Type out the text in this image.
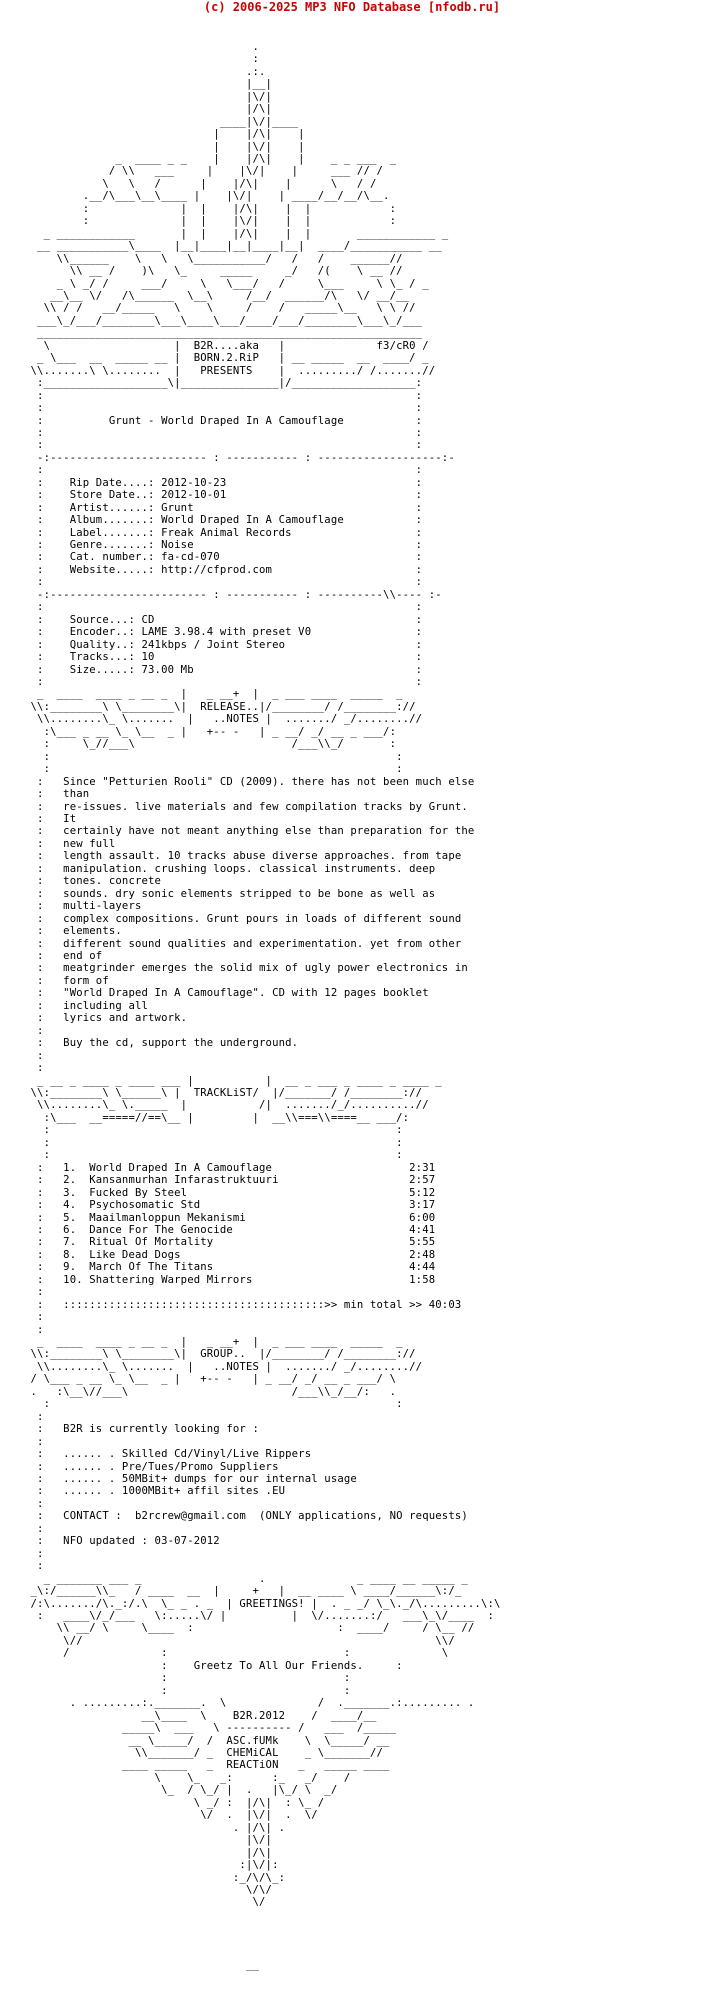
(c) 2006-2025 MP3 NFO Database [nfodb.ru]

.
:
.:.
|__|
|\/|
|/\|
____|\/|____
|    |/\|    |
|    |\/|    |
_  ____ _ _    |    |/\|    |    _ _ ___  _
/ \\   ___     |    |\/|    |     ___ // /
\   \   /      |    |/\|    |      \   / /
.__/\___\__\____ |    |\/|    | ____/__/__/\__.
:              |  |    |/\|    |  |            :
:              |  |    |\/|    |  |            :
_ ____________       |  |    |/\|    |  |       ____________ _
__ ___________\____  |__|____|__|____|__|  ____/___________ __
\\______    \   \   \___________/   /   /    ______//
\\ __ /    )\   \_     _____     _/   /(    \ __ //
_ \ _/ /     ___/     \   \___/   /     \___     \ \_ / _
__\__ \/   /\______  \__\     /__/  ______/\   \/ __/__
\\ / /   __/_____   \    \     /    /   _____\__   \ \ //
___\_/___/________\___\____\___/____/___/________\___\_/___
___________________________________________________________
\                   |  B2R....aka   |              f3/cR0 /
_ \___  __  _____ __ |  BORN.2.RiP   | __ _____  __  ____/ _
\\.......\ \........  |   PRESENTS    |  ........./ /.......//
:___________________\|_______________|/___________________:
:                                                         :
:                                                         :
:          Grunt - World Draped In A Camouflage           :
:                                                         :
:                                                         :
-:------------------------ : ----------- : -------------------:-
:                                                         :
:    Rip Date....: 2012-10-23                             :
:    Store Date..: 2012-10-01                             :
:    Artist......: Grunt                                  :
:    Album.......: World Draped In A Camouflage           :
:    Label.......: Freak Animal Records                   :
:    Genre.......: Noise                                  :
:    Cat. number.: fa-cd-070                              :
:    Website.....: http://cfprod.com                      :
:                                                         :
-:------------------------ : ----------- : ----------\\---- :-
:                                                         :
:    Source...: CD                                        :
:    Encoder..: LAME 3.98.4 with preset V0                :
:    Quality..: 241kbps / Joint Stereo                    :
:    Tracks...: 10                                        :
:    Size.....: 73.00 Mb                                  :
:                                                         :
_  ____  ____ _ __ _  |   _ __+  |  _ ___ ____  _____  _
\\:________\ \________\|  RELEASE..|/________/ /________://
\\........\_ \.......  |   ..NOTES |  ......./ _/........//
:\___ _ __ \_ \__  _ |   +-- -   | _ __/ _/ __ _ ___/:
:     \_//___\                        /___\\_/       :
:                                                     :
:                                                     :
:   Since "Petturien Rooli" CD (2009). there has not been much else
:   than
:   re-issues. live materials and few compilation tracks by Grunt.
:   It
:   certainly have not meant anything else than preparation for the
:   new full
:   length assault. 10 tracks abuse diverse approaches. from tape
:   manipulation. crushing loops. classical instruments. deep
:   tones. concrete
:   sounds. dry sonic elements stripped to be bone as well as
:   multi-layers
:   complex compositions. Grunt pours in loads of different sound
:   elements.
:   different sound qualities and experimentation. yet from other
:   end of
:   meatgrinder emerges the solid mix of ugly power electronics in
:   form of
:   "World Draped In A Camouflage". CD with 12 pages booklet
:   including all
:   lyrics and artwork.
:
:   Buy the cd, support the underground.
:
:
_ __ _ ____ _ ____ ___ |           |  __ _ ___ _ ____ _ ____ _
\\:________\ \______\ |  TRACKLiST/  |/_______/ /________://
\\........\_ \._____  |           /|  ......./_/..........//
:\___  __=====//==\__ |         |  __\\===\\====__ ___/:
:                                                     :
:                                                     :
:                                                     :
:   1.  World Draped In A Camouflage                     2:31
:   2.  Kansanmurhan Infarastruktuuri                    2:57
:   3.  Fucked By Steel                                  5:12
:   4.  Psychosomatic Std                                3:17
:   5.  Maailmanloppun Mekanismi                         6:00
:   6.  Dance For The Genocide                           4:41
:   7.  Ritual Of Mortality                              5:55
:   8.  Like Dead Dogs                                   2:48
:   9.  March Of The Titans                              4:44
:   10. Shattering Warped Mirrors                        1:58
:
:   ::::::::::::::::::::::::::::::::::::::::>> min total >> 40:03
:
:
_  ____  ____ _ __ _  |   _ __+  |  _ ___ ____  _____  _
\\:________\ \________\|  GROUP..  |/________/ /________://
\\........\_ \.......  |   ..NOTES |  ......./ _/........//
/ \___ _ __ \_ \__  _ |   +-- -   | _ __/ _/ __ _ ___/ \
.   :\__\//___\                         /___\\_/__/:   .
:                                                     :
:
:   B2R is currently looking for :
:
:   ...... . Skilled Cd/Vinyl/Live Rippers
:   ...... . Pre/Tues/Promo Suppliers
:   ...... . 50MBit+ dumps for our internal usage
:   ...... . 1000MBit+ affil sites .EU
:
:   CONTACT :  b2rcrew@gmail.com  (ONLY applications, NO requests)
:
:   NFO updated : 03-07-2012
:
:
_ _______ ___ _                  .              _ ____ __ _____ _
_\:/______\\_   / ____  __  |     +   |  __ ____ \ ____/______\:/_
/:\......./\._:/.\  \_ _ . _  | GREETINGS! |  . _ _/ \_\._/\.........\:\
:   ____\/_/___   \:.....\/ |          |  \/.......:/   ___\_\/____  :
\\ __/ \     \____  :                      :  ____/     / \__ //
\//                                                      \\/
/              :                           :              \
:    Greetz To All Our Friends.     :
:                           :
:                           :
. .........:._______.  \              /  ._______.:......... .
__\____  \    B2R.2012    /  ____/__
_____\  ___   \ ---------- /   ___  /_____
__ \_____/  /  ASC.fUMk    \  \_____/ __
\\_______/ _  CHEMiCAL    _ \_______//
____ _____   _  REACTiON   _   _____ ____
\    \_   _:      :_   _/    /
\_  / \_/ |  .   |\_/ \  _/
\ _/ :  |/\|  : \_ /
\/  .  |\/|  .  \/
. |/\| .
|\/|
|/\|
:|\/|:
:_/\/\_:
\/\/
\/

__
